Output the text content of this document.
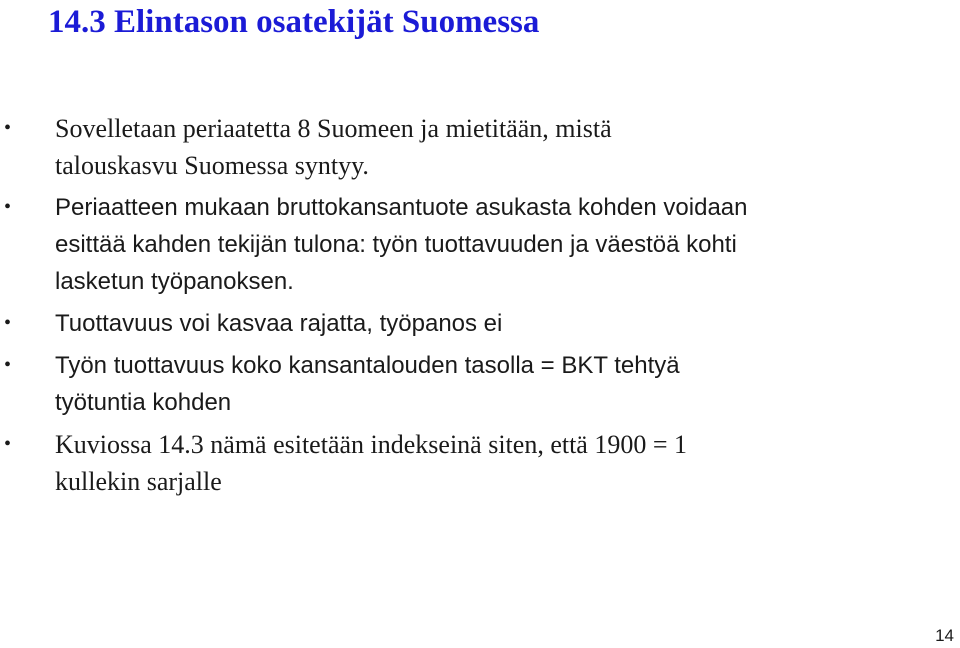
14.3 Elintason osatekijät Suomessa
• Sovelletaan periaatetta 8 Suomeen ja mietitään, mistä
talouskasvu Suomessa syntyy.
• Periaatteen mukaan bruttokansantuote asukasta kohden voidaan
esittää kahden tekijän tulona: työn tuottavuuden ja väestöä kohti
lasketun työpanoksen.
• Tuottavuus voi kasvaa rajatta, työpanos ei
• Työn tuottavuus koko kansantalouden tasolla = BKT tehtyä
työtuntia kohden
• Kuviossa 14.3 nämä esitetään indekseinä siten, että 1900 = 1
kullekin sarjalle
14
